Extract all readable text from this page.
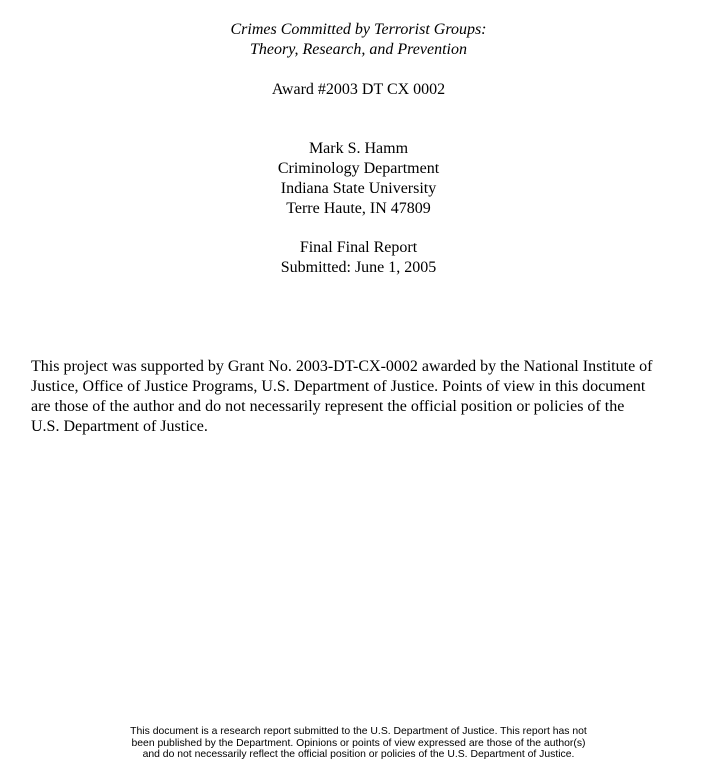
Crimes Committed by Terrorist Groups:
Theory, Research, and Prevention
Award #2003 DT CX 0002
Mark S. Hamm
Criminology Department
Indiana State University
Terre Haute, IN 47809
Final Final Report
Submitted: June 1, 2005
This project was supported by Grant No. 2003-DT-CX-0002 awarded by the National Institute of
Justice, Office of Justice Programs, U.S. Department of Justice. Points of view in this document
are those of the author and do not necessarily represent the official position or policies of the
U.S. Department of Justice.
This document is a research report submitted to the U.S. Department of Justice. This report has not
been published by the Department. Opinions or points of view expressed are those of the author(s)
and do not necessarily reflect the official position or policies of the U.S. Department of Justice.
